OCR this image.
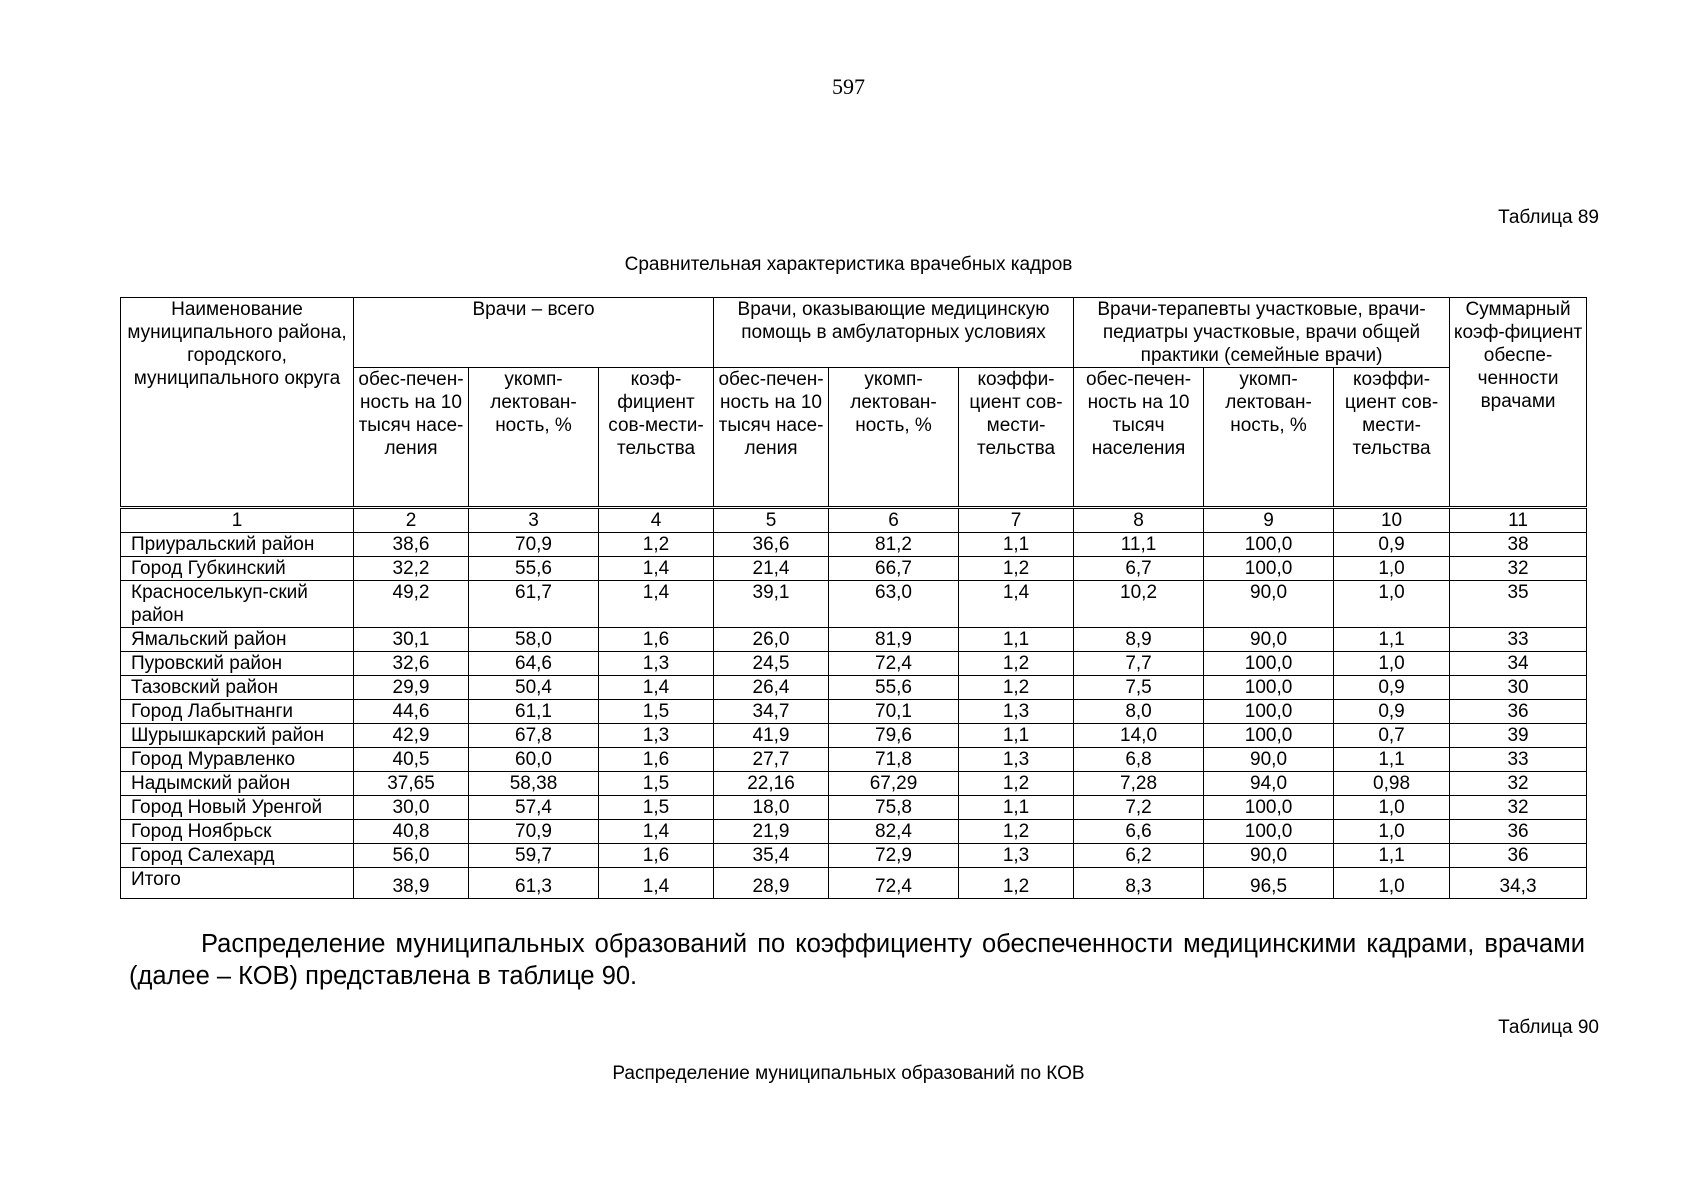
597
Таблица 89
Сравнительная характеристика врачебных кадров
Наименование муниципального района, городского, муниципального округа	Врачи – всего			Врачи, оказывающие медицинскую помощь в амбулаторных условиях			Врачи-терапевты участковые, врачи-педиатры участковые, врачи общей практики (семейные врачи)			Суммарный коэф-фициент обеспе-ченности врачами
	обес-печен-ность на 10 тысяч насе-ления	укомп-лектован-ность, %	коэф-фициент сов-мести-тельства	обес-печен-ность на 10 тысяч насе-ления	укомп-лектован-ность, %	коэффи-циент сов-мести-тельства	обес-печен-ность на 10 тысяч населения	укомп-лектован-ность, %	коэффи-циент сов-мести-тельства	
1	2	3	4	5	6	7	8	9	10	11
Приуральский район	38,6	70,9	1,2	36,6	81,2	1,1	11,1	100,0	0,9	38
Город Губкинский	32,2	55,6	1,4	21,4	66,7	1,2	6,7	100,0	1,0	32
Красноселькуп-ский район	49,2	61,7	1,4	39,1	63,0	1,4	10,2	90,0	1,0	35
Ямальский район	30,1	58,0	1,6	26,0	81,9	1,1	8,9	90,0	1,1	33
Пуровский район	32,6	64,6	1,3	24,5	72,4	1,2	7,7	100,0	1,0	34
Тазовский район	29,9	50,4	1,4	26,4	55,6	1,2	7,5	100,0	0,9	30
Город Лабытнанги	44,6	61,1	1,5	34,7	70,1	1,3	8,0	100,0	0,9	36
Шурышкарский район	42,9	67,8	1,3	41,9	79,6	1,1	14,0	100,0	0,7	39
Город Муравленко	40,5	60,0	1,6	27,7	71,8	1,3	6,8	90,0	1,1	33
Надымский район	37,65	58,38	1,5	22,16	67,29	1,2	7,28	94,0	0,98	32
Город Новый Уренгой	30,0	57,4	1,5	18,0	75,8	1,1	7,2	100,0	1,0	32
Город Ноябрьск	40,8	70,9	1,4	21,9	82,4	1,2	6,6	100,0	1,0	36
Город Салехард	56,0	59,7	1,6	35,4	72,9	1,3	6,2	90,0	1,1	36
Итого	38,9	61,3	1,4	28,9	72,4	1,2	8,3	96,5	1,0	34,3
Распределение муниципальных образований по коэффициенту обеспеченности медицинскими кадрами, врачами (далее – КОВ) представлена в таблице 90.
Таблица 90
Распределение муниципальных образований по КОВ
